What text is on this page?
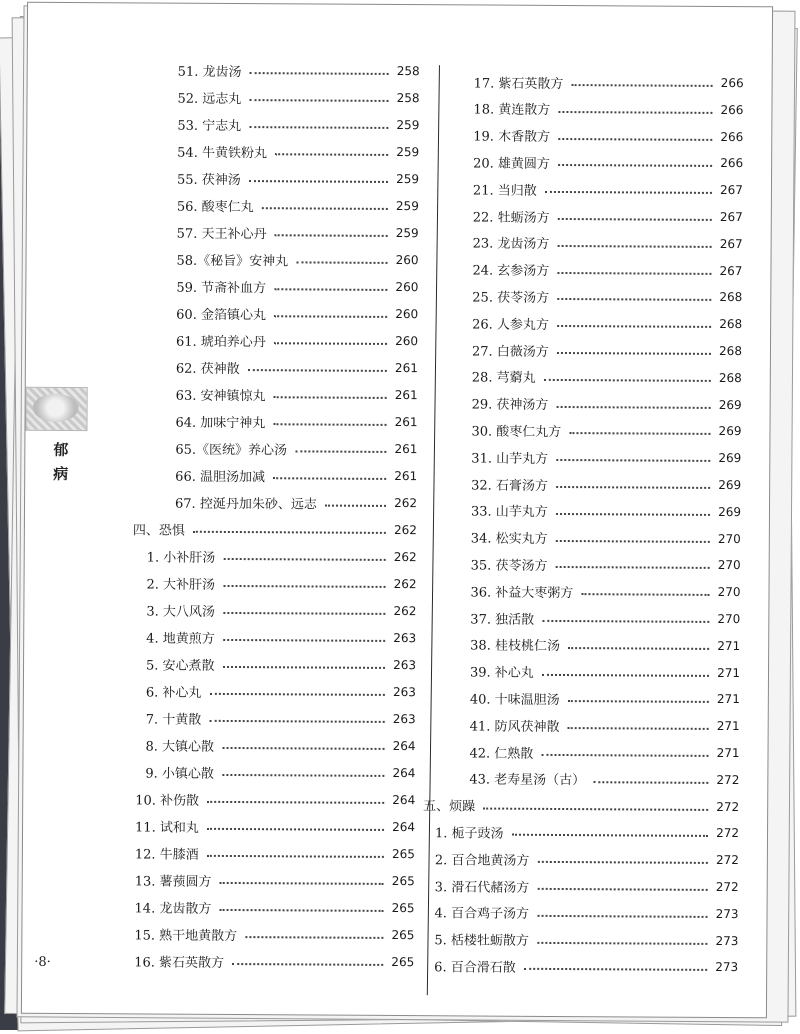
郁
病
·8·
51. 龙齿汤	258
52. 远志丸	258
53. 宁志丸	259
54. 牛黄铁粉丸	259
55. 茯神汤	259
56. 酸枣仁丸	259
57. 天王补心丹	259
58.《秘旨》安神丸	260
59. 节斋补血方	260
60. 金箔镇心丸	260
61. 琥珀养心丹	260
62. 茯神散	261
63. 安神镇惊丸	261
64. 加味宁神丸	261
65.《医统》养心汤	261
66. 温胆汤加减	261
67. 控涎丹加朱砂、远志	262
四、恐惧	262
1. 小补肝汤	262
2. 大补肝汤	262
3. 大八风汤	262
4. 地黄煎方	263
5. 安心煮散	263
6. 补心丸	263
7. 十黄散	263
8. 大镇心散	264
9. 小镇心散	264
10. 补伤散	264
11. 试和丸	264
12. 牛膝酒	265
13. 薯蓣圆方	265
14. 龙齿散方	265
15. 熟干地黄散方	265
16. 紫石英散方	265
17. 紫石英散方	266
18. 黄连散方	266
19. 木香散方	266
20. 雄黄圆方	266
21. 当归散	267
22. 牡蛎汤方	267
23. 龙齿汤方	267
24. 玄参汤方	267
25. 茯苓汤方	268
26. 人参丸方	268
27. 白薇汤方	268
28. 芎藭丸	268
29. 茯神汤方	269
30. 酸枣仁丸方	269
31. 山芋丸方	269
32. 石膏汤方	269
33. 山芋丸方	269
34. 松实丸方	270
35. 茯苓汤方	270
36. 补益大枣粥方	270
37. 独活散	270
38. 桂枝桃仁汤	271
39. 补心丸	271
40. 十味温胆汤	271
41. 防风茯神散	271
42. 仁熟散	271
43. 老寿星汤（古）	272
五、烦躁	272
1. 栀子豉汤	272
2. 百合地黄汤方	272
3. 滑石代赭汤方	272
4. 百合鸡子汤方	273
5. 栝楼牡蛎散方	273
6. 百合滑石散	273
